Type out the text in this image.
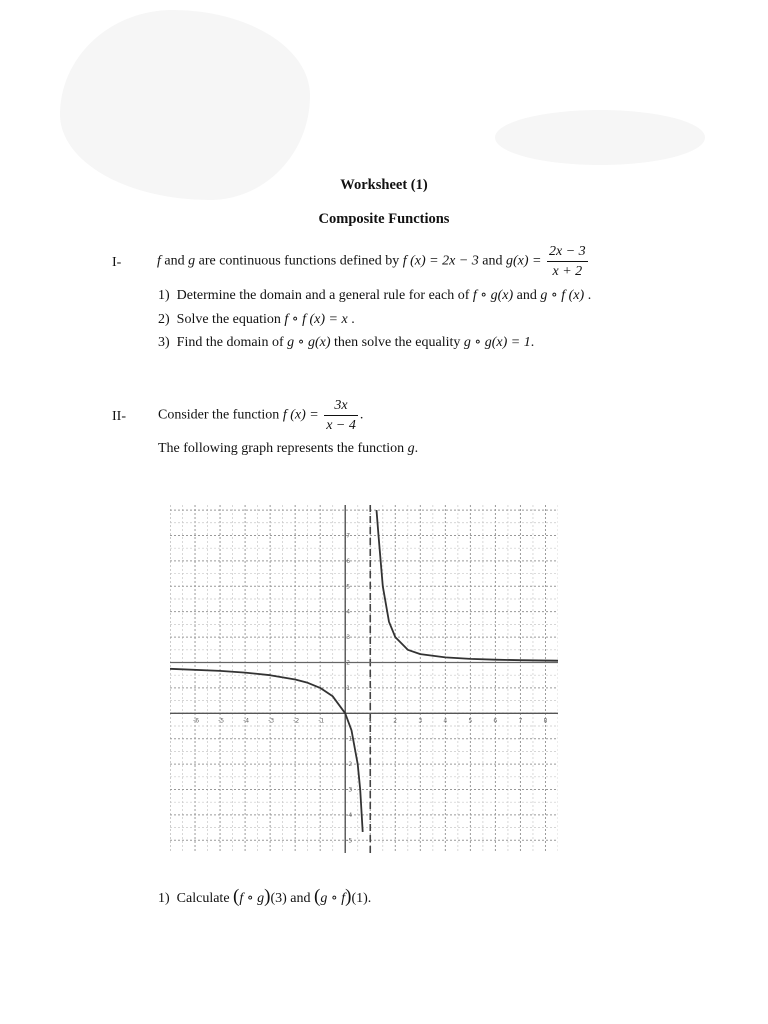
Worksheet (1)
Composite Functions
I-	f and g are continuous functions defined by f (x) = 2x − 3 and $g(x) = \frac{2x - 3}{x + 2}$
1) Determine the domain and a general rule for each of f ∘ g(x) and g ∘ f (x) .
2) Solve the equation f ∘ f (x) = x .
3) Find the domain of g ∘ g(x) then solve the equality g ∘ g(x) = 1.
II- Consider the function f $(x) = \frac{3x}{x - 4}$ .
The following graph represents the function g.
-6	-5	-4	-3	-2	-1	1	2	3	4	5	6	7	8
7
6
5
4
3
2
1
-1
-2
-3
-4
-5
1) Calculate (f ∘ g)(3) and (g ∘ f)(1).
